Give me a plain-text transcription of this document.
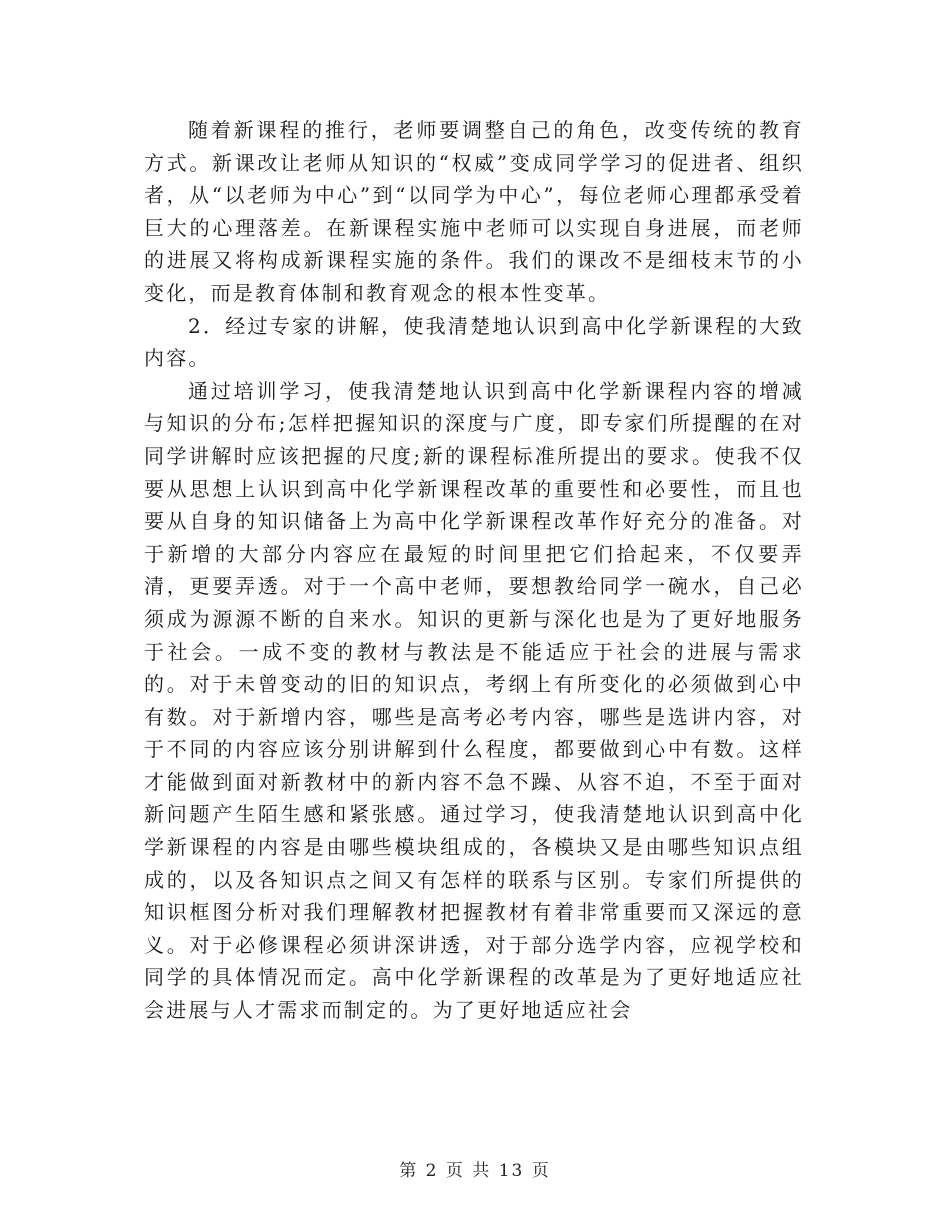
随着新课程的推行，老师要调整自己的角色，改变传统的教育方式。新课改让老师从知识的“权威”变成同学学习的促进者、组织者，从“以老师为中心”到“以同学为中心”，每位老师心理都承受着巨大的心理落差。在新课程实施中老师可以实现自身进展，而老师的进展又将构成新课程实施的条件。我们的课改不是细枝末节的小变化，而是教育体制和教育观念的根本性变革。

2．经过专家的讲解，使我清楚地认识到高中化学新课程的大致内容。

通过培训学习，使我清楚地认识到高中化学新课程内容的增减与知识的分布;怎样把握知识的深度与广度，即专家们所提醒的在对同学讲解时应该把握的尺度;新的课程标准所提出的要求。使我不仅要从思想上认识到高中化学新课程改革的重要性和必要性，而且也要从自身的知识储备上为高中化学新课程改革作好充分的准备。对于新增的大部分内容应在最短的时间里把它们拾起来，不仅要弄清，更要弄透。对于一个高中老师，要想教给同学一碗水，自己必须成为源源不断的自来水。知识的更新与深化也是为了更好地服务于社会。一成不变的教材与教法是不能适应于社会的进展与需求的。对于未曾变动的旧的知识点，考纲上有所变化的必须做到心中有数。对于新增内容，哪些是高考必考内容，哪些是选讲内容，对于不同的内容应该分别讲解到什么程度，都要做到心中有数。这样才能做到面对新教材中的新内容不急不躁、从容不迫，不至于面对新问题产生陌生感和紧张感。通过学习，使我清楚地认识到高中化学新课程的内容是由哪些模块组成的，各模块又是由哪些知识点组成的，以及各知识点之间又有怎样的联系与区别。专家们所提供的知识框图分析对我们理解教材把握教材有着非常重要而又深远的意义。对于必修课程必须讲深讲透，对于部分选学内容，应视学校和同学的具体情况而定。高中化学新课程的改革是为了更好地适应社会进展与人才需求而制定的。为了更好地适应社会

第 2 页 共 13 页
